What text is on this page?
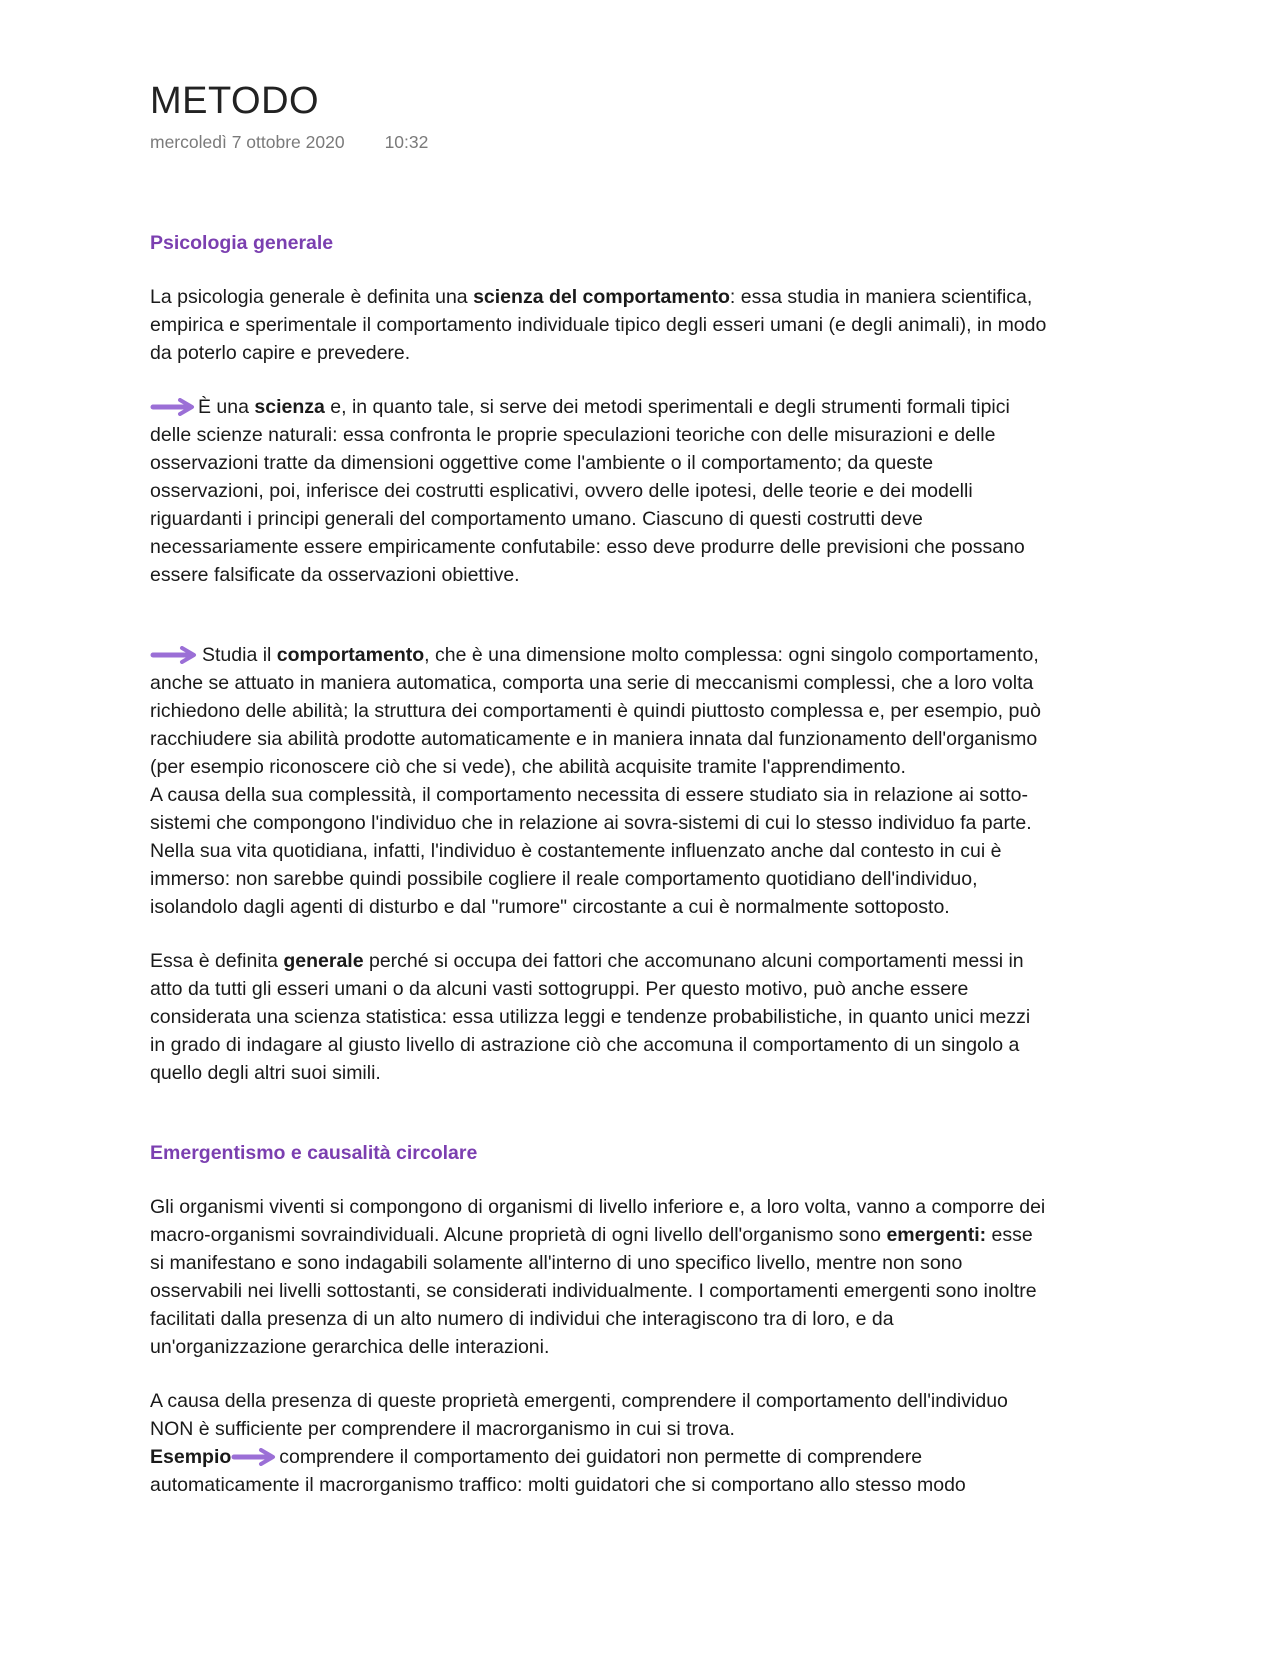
METODO
mercoledì 7 ottobre 2020 10:32
Psicologia generale

La psicologia generale è definita una scienza del comportamento: essa studia in maniera scientifica, empirica e sperimentale il comportamento individuale tipico degli esseri umani (e degli animali), in modo da poterlo capire e prevedere.

È una scienza e, in quanto tale, si serve dei metodi sperimentali e degli strumenti formali tipici delle scienze naturali: essa confronta le proprie speculazioni teoriche con delle misurazioni e delle osservazioni tratte da dimensioni oggettive come l'ambiente o il comportamento; da queste osservazioni, poi, inferisce dei costrutti esplicativi, ovvero delle ipotesi, delle teorie e dei modelli riguardanti i principi generali del comportamento umano. Ciascuno di questi costrutti deve necessariamente essere empiricamente confutabile: esso deve produrre delle previsioni che possano essere falsificate da osservazioni obiettive.

Studia il comportamento, che è una dimensione molto complessa: ogni singolo comportamento, anche se attuato in maniera automatica, comporta una serie di meccanismi complessi, che a loro volta richiedono delle abilità; la struttura dei comportamenti è quindi piuttosto complessa e, per esempio, può racchiudere sia abilità prodotte automaticamente e in maniera innata dal funzionamento dell'organismo (per esempio riconoscere ciò che si vede), che abilità acquisite tramite l'apprendimento.

A causa della sua complessità, il comportamento necessita di essere studiato sia in relazione ai sotto-sistemi che compongono l'individuo che in relazione ai sovra-sistemi di cui lo stesso individuo fa parte. Nella sua vita quotidiana, infatti, l'individuo è costantemente influenzato anche dal contesto in cui è immerso: non sarebbe quindi possibile cogliere il reale comportamento quotidiano dell'individuo, isolandolo dagli agenti di disturbo e dal "rumore" circostante a cui è normalmente sottoposto.

Essa è definita generale perché si occupa dei fattori che accomunano alcuni comportamenti messi in atto da tutti gli esseri umani o da alcuni vasti sottogruppi. Per questo motivo, può anche essere considerata una scienza statistica: essa utilizza leggi e tendenze probabilistiche, in quanto unici mezzi in grado di indagare al giusto livello di astrazione ciò che accomuna il comportamento di un singolo a quello degli altri suoi simili.

Emergentismo e causalità circolare

Gli organismi viventi si compongono di organismi di livello inferiore e, a loro volta, vanno a comporre dei macro-organismi sovraindividuali. Alcune proprietà di ogni livello dell'organismo sono emergenti: esse si manifestano e sono indagabili solamente all'interno di uno specifico livello, mentre non sono osservabili nei livelli sottostanti, se considerati individualmente. I comportamenti emergenti sono inoltre facilitati dalla presenza di un alto numero di individui che interagiscono tra di loro, e da un'organizzazione gerarchica delle interazioni.

A causa della presenza di queste proprietà emergenti, comprendere il comportamento dell'individuo NON è sufficiente per comprendere il macrorganismo in cui si trova.

Esempio comprendere il comportamento dei guidatori non permette di comprendere automaticamente il macrorganismo traffico: molti guidatori che si comportano allo stesso modo
